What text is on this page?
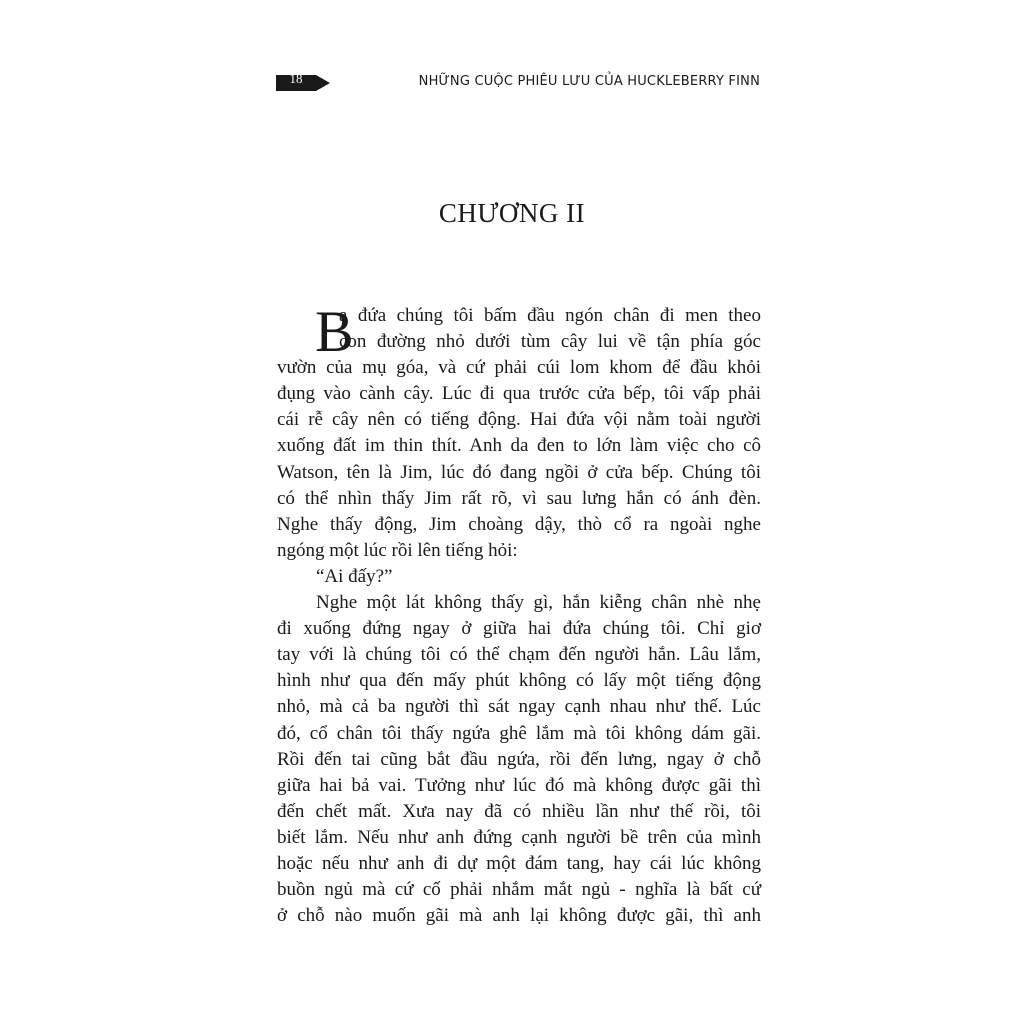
18	NHỮNG CUỘC PHIÊU LƯU CỦA HUCKLEBERRY FINN
CHƯƠNG II
B
a đứa chúng tôi bấm đầu ngón chân đi men theo
con đường nhỏ dưới tùm cây lui về tận phía góc
vườn của mụ góa, và cứ phải cúi lom khom để đầu khỏi
đụng vào cành cây. Lúc đi qua trước cửa bếp, tôi vấp phải
cái rễ cây nên có tiếng động. Hai đứa vội nằm toài người
xuống đất im thin thít. Anh da đen to lớn làm việc cho cô
Watson, tên là Jim, lúc đó đang ngồi ở cửa bếp. Chúng tôi
có thể nhìn thấy Jim rất rõ, vì sau lưng hắn có ánh đèn.
Nghe thấy động, Jim choàng dậy, thò cổ ra ngoài nghe
ngóng một lúc rồi lên tiếng hỏi:
“Ai đấy?”
Nghe một lát không thấy gì, hắn kiễng chân nhè nhẹ
đi xuống đứng ngay ở giữa hai đứa chúng tôi. Chỉ giơ
tay với là chúng tôi có thể chạm đến người hắn. Lâu lắm,
hình như qua đến mấy phút không có lấy một tiếng động
nhỏ, mà cả ba người thì sát ngay cạnh nhau như thế. Lúc
đó, cổ chân tôi thấy ngứa ghê lắm mà tôi không dám gãi.
Rồi đến tai cũng bắt đầu ngứa, rồi đến lưng, ngay ở chỗ
giữa hai bả vai. Tưởng như lúc đó mà không được gãi thì
đến chết mất. Xưa nay đã có nhiều lần như thế rồi, tôi
biết lắm. Nếu như anh đứng cạnh người bề trên của mình
hoặc nếu như anh đi dự một đám tang, hay cái lúc không
buồn ngủ mà cứ cố phải nhắm mắt ngủ - nghĩa là bất cứ
ở chỗ nào muốn gãi mà anh lại không được gãi, thì anh
